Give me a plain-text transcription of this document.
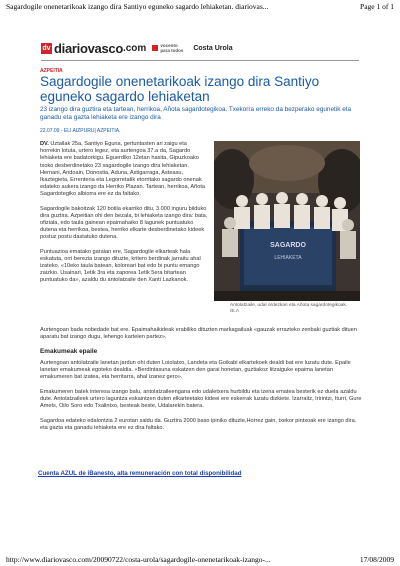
Sagardogile onenetarikoak izango dira Santiyo eguneko sagardo lehiaketan. diariovas...	Page 1 of 1
dv diariovasco .com	vocento
para todos Costa Urola
AZPEITIA
Sagardogile onenetarikoak izango dira Santiyo eguneko sagardo lehiaketan

23 izango dira guztira eta tartean, herrikoa, Añota sagardotegikoa. Txekorra erreko da bezperako egunetik eta ganadu eta gazta lehiaketa ere izango dira

22.07.09 - ELI AIZPURU| AZPEITIA.

DV. Uztailak 25a, Santiyo Eguna, gertuntasten ari zaigu eta horrekin lotuta, urtero legez, eta aurtengoa 37.a da, Sagardo lehiaketa ere badatorkigu. Eguerdiko 12etan hasita, Gipuzkoako txoko desberdinetako 23 sagardogile izango dira lehiaketan. Hernani, Andoain, Donostia, Aduna, Astigarraga, Asteasu, Ikaztegieta, Errenteria eta Legorretatik etorritako sagardo onenak edateko aukera izango da Herriko Plazan. Tartean, herrikoa, Añota Sagardotegiko albiorra ere ez da faltako.

Sagardogile bakoitzak 120 botila ekarriko ditu, 3.000 inguru bilduko dira guztira. Azpeitian ohi den bezala, bi lehiaketa izango dira: bata, ofiziala, edo taula gainean epaimahaiko 8 lagunek puntuatuko dutena eta herrikoa, bestea, herriko elkarte desberdinetako kideek postuz postu dastatuko dutena.

Puntuazioa ematako garaian ere, Sagardogile elkarteak hala eskatuta, orri berezia izango dituzte, kritero berdinak jarraitu ahal izateko. «10eko taula batean, koloreari bat edo bi puntu emango zaizkio. Usainari, 1etik 3ra eta zaporea 1etik 5era bitartean puntuatuko da», azaldu du antolatzaile den Xanti Lazkanok.

SAGARDO
LEHIAKETA
Antolatzaile, udal ordezkari eta Añota sagardotegikoak. /E.A

Aurtengoan bada nobedade bat ere. Epaimahaikideak erabiliko dituzten markagailuak «gauzak errazteko zenbaki guztiak dituen aparatu bat izango dugu, lehengo kartelen partez».

Emakumeak epaile

Aurtengoan antolatzaile lanetan jardun ohi duten Loiolatxo, Landeta eta Goikabi elkartekoek dealdi bat ere luzatu dute. Epaile lanetan emakumeak egoteko dealdia. «Berdintasuna eskatzen den garai honetan, guztiakoz Iitzaiguke epaima lanetan emakumeren bat izatea, eta herritarra, ahal izanez gero».

Emakumeren batek interesa izango balu, antolatzaileengana edo udaletxera hurbildu eta izena emateа besterik ez duela azaldu dute. Antolatzaileek urtero laguntza eskaintzen duten elkarteetako kideei ere eskerrak luzatu dizkiete. Izarraitz, Iririntzi, Iturri, Gure Amets, Oilo Soro edo Txalintxo, besteak beste, Udalarekin batera.

Sagardoa edateko edalontzia 2 eurotan saldu da. Guztira 2000 baso ipiniko dituzte,Horrez gain, txekor pintxoak ere izango dira. eta gazta eta ganadu lehiaketa ere ez dira faltako.

Cuenta AZUL de iBanesto, alta remuneración con total disponibilidad
http://www.diariovasco.com/20090722/costa-urola/sagardogile-onenetarikoak-izango-...	17/08/2009
